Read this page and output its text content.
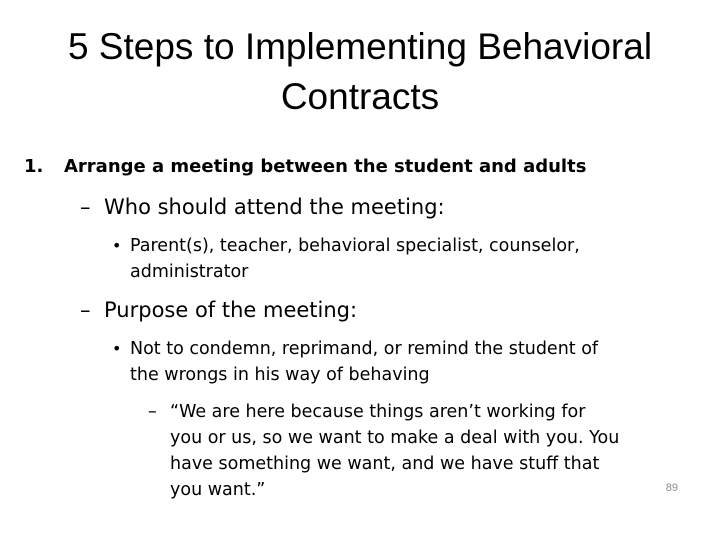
5 Steps to Implementing Behavioral
Contracts
1. Arrange a meeting between the student and adults
– Who should attend the meeting:
• Parent(s), teacher, behavioral specialist, counselor,
administrator
– Purpose of the meeting:
• Not to condemn, reprimand, or remind the student of
the wrongs in his way of behaving
– “We are here because things aren’t working for
you or us, so we want to make a deal with you. You
have something we want, and we have stuff that
you want.”	89
